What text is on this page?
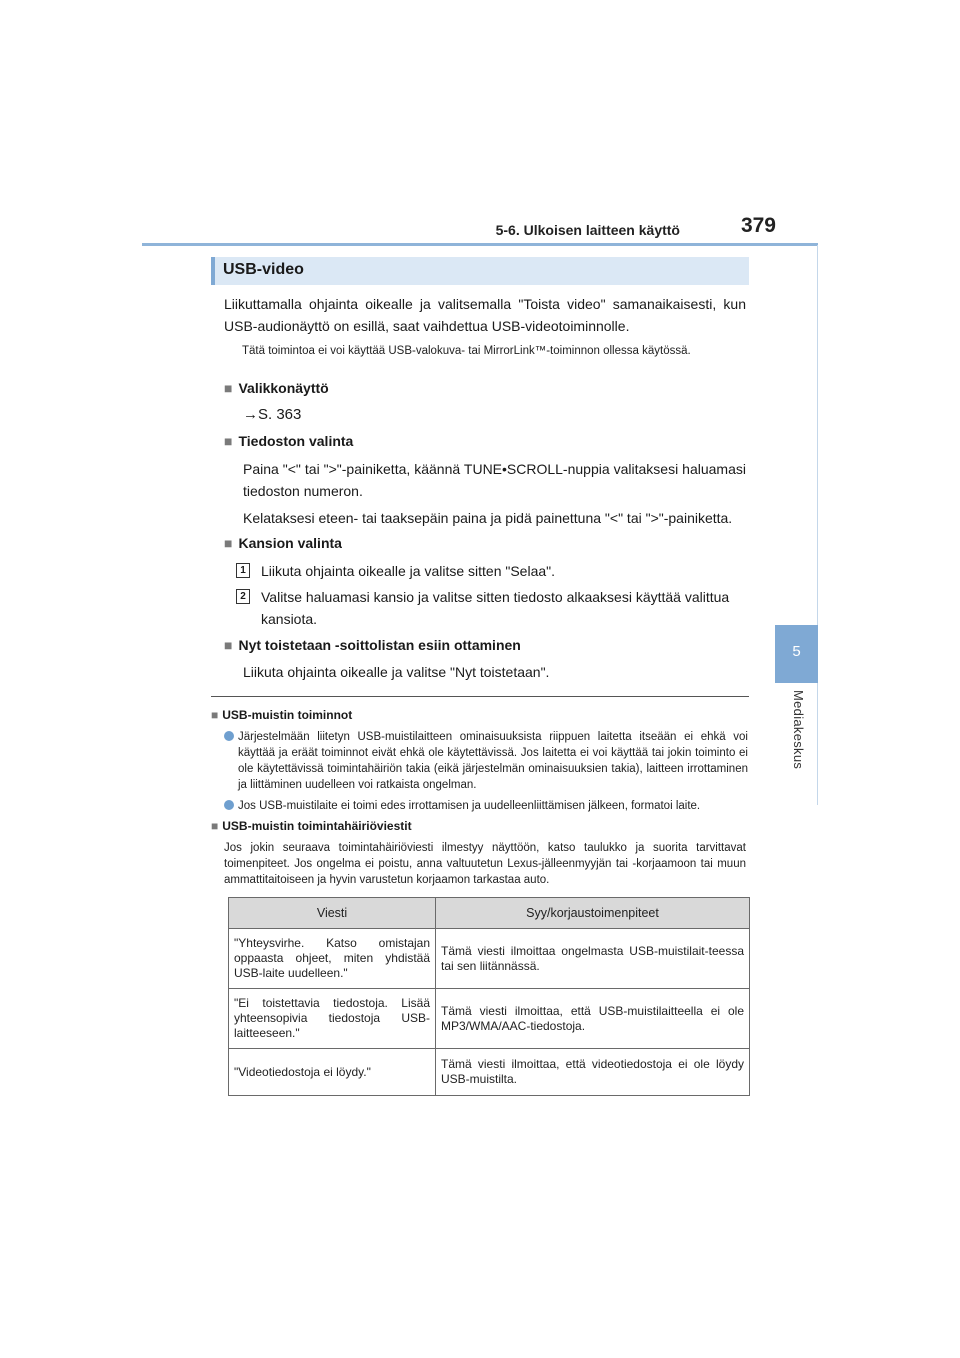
5-6. Ulkoisen laitteen käyttö	379
5
Mediakeskus
USB-video
Liikuttamalla ohjainta oikealle ja valitsemalla "Toista video" samanaikaisesti, kun USB-audionäyttö on esillä, saat vaihdettua USB-videotoiminnolle.
Tätä toimintoa ei voi käyttää USB-valokuva- tai MirrorLink™-toiminnon ollessa käytössä.
■ Valikkonäyttö
→S. 363
■ Tiedoston valinta
Paina "<" tai ">"-painiketta, käännä TUNE•SCROLL-nuppia valitaksesi haluamasi tiedoston numeron.
Kelataksesi eteen- tai taaksepäin paina ja pidä painettuna "<" tai ">"-painiketta.
■ Kansion valinta
1	Liikuta ohjainta oikealle ja valitse sitten "Selaa".
2	Valitse haluamasi kansio ja valitse sitten tiedosto alkaaksesi käyttää valittua kansiota.
■ Nyt toistetaan -soittolistan esiin ottaminen
Liikuta ohjainta oikealle ja valitse "Nyt toistetaan".
■ USB-muistin toiminnot
Järjestelmään liitetyn USB-muistilaitteen ominaisuuksista riippuen laitetta itseään ei ehkä voi käyttää ja eräät toiminnot eivät ehkä ole käytettävissä. Jos laitetta ei voi käyttää tai jokin toiminto ei ole käytettävissä toimintahäiriön takia (eikä järjestelmän ominaisuuksien takia), laitteen irrottaminen ja liittäminen uudelleen voi ratkaista ongelman.
Jos USB-muistilaite ei toimi edes irrottamisen ja uudelleenliittämisen jälkeen, formatoi laite.
■ USB-muistin toimintahäiriöviestit
Jos jokin seuraava toimintahäiriöviesti ilmestyy näyttöön, katso taulukko ja suorita tarvittavat toimenpiteet. Jos ongelma ei poistu, anna valtuutetun Lexus-jälleenmyyjän tai -korjaamoon tai muun ammattitaitoiseen ja hyvin varustetun korjaamon tarkastaa auto.
Viesti	Syy/korjaustoimenpiteet
"Yhteysvirhe. Katso omistajan oppaasta ohjeet, miten yhdistää USB-laite uudelleen."	Tämä viesti ilmoittaa ongelmasta USB-muistilait-teessa tai sen liitännässä.
"Ei toistettavia tiedostoja. Lisää yhteensopivia tiedostoja USB-laitteeseen."	Tämä viesti ilmoittaa, että USB-muistilaitteella ei ole MP3/WMA/AAC-tiedostoja.
"Videotiedostoja ei löydy."	Tämä viesti ilmoittaa, että videotiedostoja ei ole löydy USB-muistilta.
